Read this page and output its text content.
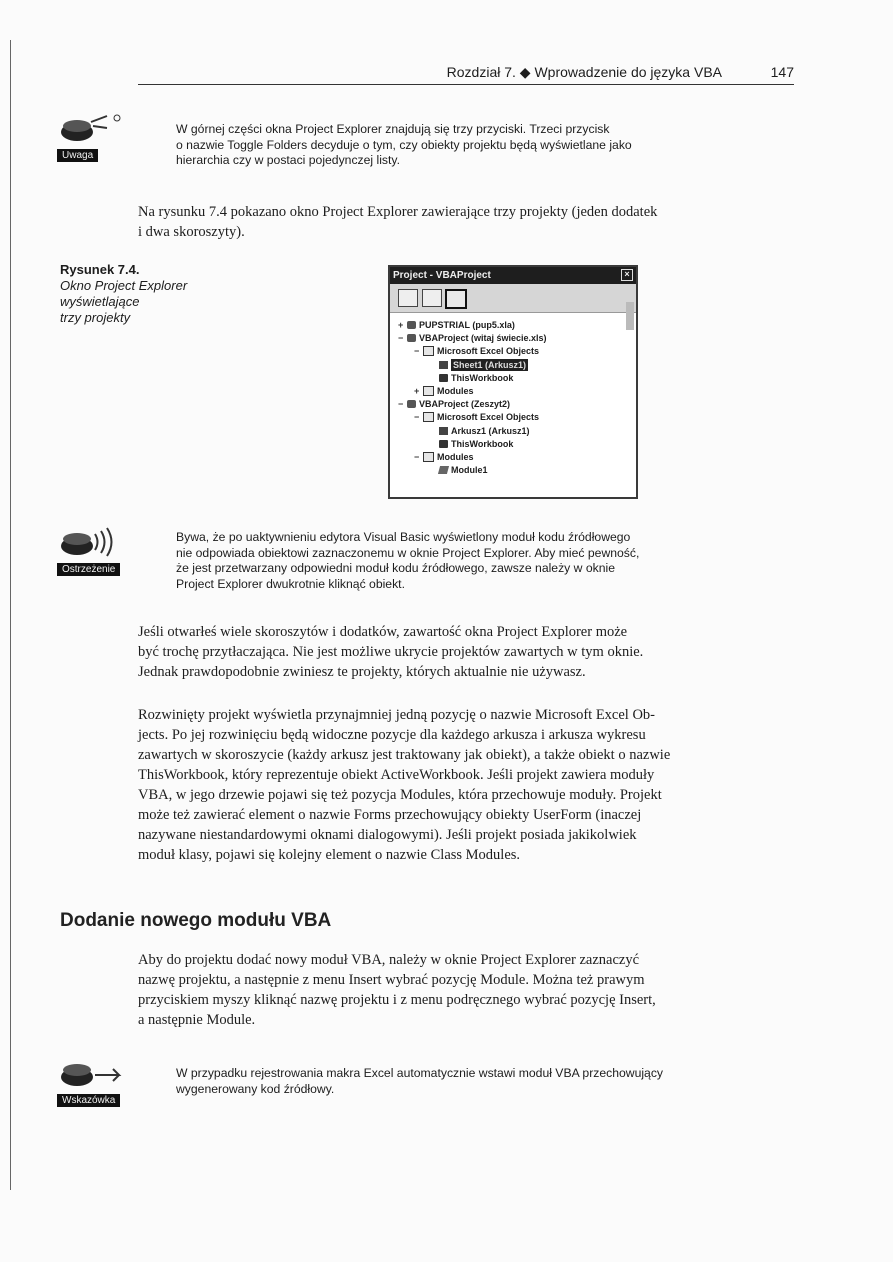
Rozdział 7. ◆ Wprowadzenie do języka VBA	147
Uwaga

W górnej części okna Project Explorer znajdują się trzy przyciski. Trzeci przycisk

o nazwie Toggle Folders decyduje o tym, czy obiekty projektu będą wyświetlane jako

hierarchia czy w postaci pojedynczej listy.

Na rysunku 7.4 pokazano okno Project Explorer zawierające trzy projekty (jeden dodatek

i dwa skoroszyty).

Rysunek 7.4.
Okno Project Explorer
wyświetlające
trzy projekty
Project - VBAProject	×
+	PUPSTRIAL (pup5.xla)
−	VBAProject (witaj świecie.xls)
−	Microsoft Excel Objects
Sheet1 (Arkusz1)
ThisWorkbook
+	Modules
−	VBAProject (Zeszyt2)
−	Microsoft Excel Objects
Arkusz1 (Arkusz1)
ThisWorkbook
−	Modules
Module1
Ostrzeżenie

Bywa, że po uaktywnieniu edytora Visual Basic wyświetlony moduł kodu źródłowego

nie odpowiada obiektowi zaznaczonemu w oknie Project Explorer. Aby mieć pewność,

że jest przetwarzany odpowiedni moduł kodu źródłowego, zawsze należy w oknie

Project Explorer dwukrotnie kliknąć obiekt.

Jeśli otwarłeś wiele skoroszytów i dodatków, zawartość okna Project Explorer może

być trochę przytłaczająca. Nie jest możliwe ukrycie projektów zawartych w tym oknie.

Jednak prawdopodobnie zwiniesz te projekty, których aktualnie nie używasz.

Rozwinięty projekt wyświetla przynajmniej jedną pozycję o nazwie Microsoft Excel Ob-

jects. Po jej rozwinięciu będą widoczne pozycje dla każdego arkusza i arkusza wykresu

zawartych w skoroszycie (każdy arkusz jest traktowany jak obiekt), a także obiekt o nazwie

ThisWorkbook, który reprezentuje obiekt ActiveWorkbook. Jeśli projekt zawiera moduły

VBA, w jego drzewie pojawi się też pozycja Modules, która przechowuje moduły. Projekt

może też zawierać element o nazwie Forms przechowujący obiekty UserForm (inaczej

nazywane niestandardowymi oknami dialogowymi). Jeśli projekt posiada jakikolwiek

moduł klasy, pojawi się kolejny element o nazwie Class Modules.

Dodanie nowego modułu VBA

Aby do projektu dodać nowy moduł VBA, należy w oknie Project Explorer zaznaczyć

nazwę projektu, a następnie z menu Insert wybrać pozycję Module. Można też prawym

przyciskiem myszy kliknąć nazwę projektu i z menu podręcznego wybrać pozycję Insert,

a następnie Module.

Wskazówka

W przypadku rejestrowania makra Excel automatycznie wstawi moduł VBA przechowujący

wygenerowany kod źródłowy.
